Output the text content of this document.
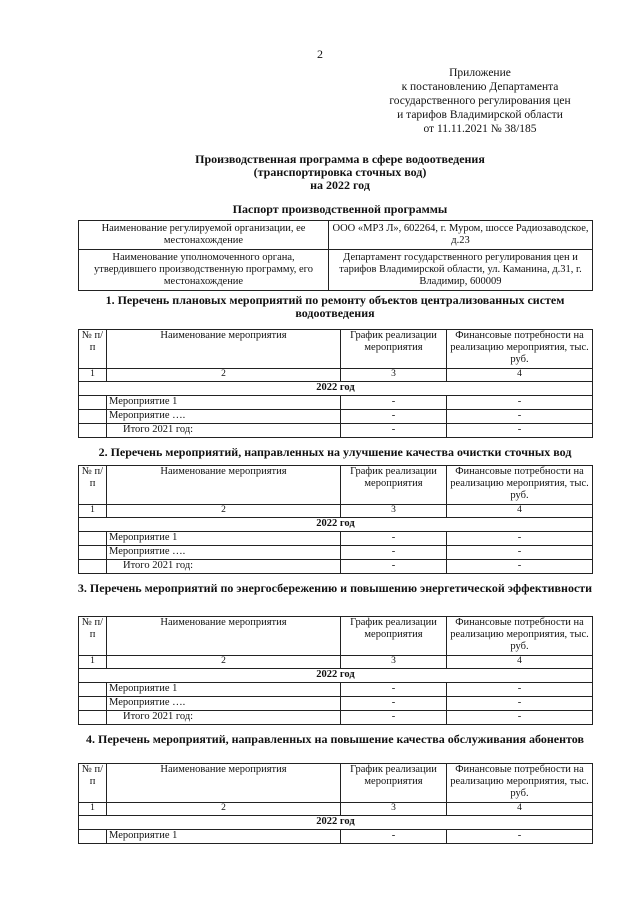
2
Приложение
к постановлению Департамента
государственного регулирования цен
и тарифов Владимирской области
от 11.11.2021 № 38/185
Производственная программа в сфере водоотведения
(транспортировка сточных вод)
на 2022 год
Паспорт производственной программы
Наименование регулируемой организации, ее местонахождение	ООО «МРЗ Л», 602264, г. Муром, шоссе Радиозаводское, д.23
Наименование уполномоченного органа, утвердившего производственную программу, его местонахождение	Департамент государственного регулирования цен и тарифов Владимирской области, ул. Каманина, д.31, г. Владимир, 600009
1. Перечень плановых мероприятий по ремонту объектов централизованных систем водоотведения
№ п/п	Наименование мероприятия	График реализации мероприятия	Финансовые потребности на реализацию мероприятия, тыс. руб.
1	2	3	4
2022 год			
	Мероприятие 1	-	-
	Мероприятие ….	-	-
	Итого 2021 год:	-	-
2. Перечень мероприятий, направленных на улучшение качества очистки сточных вод
№ п/п	Наименование мероприятия	График реализации мероприятия	Финансовые потребности на реализацию мероприятия, тыс. руб.
1	2	3	4
2022 год			
	Мероприятие 1	-	-
	Мероприятие ….	-	-
	Итого 2021 год:	-	-
3. Перечень мероприятий по энергосбережению и повышению энергетической эффективности
№ п/п	Наименование мероприятия	График реализации мероприятия	Финансовые потребности на реализацию мероприятия, тыс. руб.
1	2	3	4
2022 год			
	Мероприятие 1	-	-
	Мероприятие ….	-	-
	Итого 2021 год:	-	-
4. Перечень мероприятий, направленных на повышение качества обслуживания абонентов
№ п/п	Наименование мероприятия	График реализации мероприятия	Финансовые потребности на реализацию мероприятия, тыс. руб.
1	2	3	4
2022 год			
	Мероприятие 1	-	-
